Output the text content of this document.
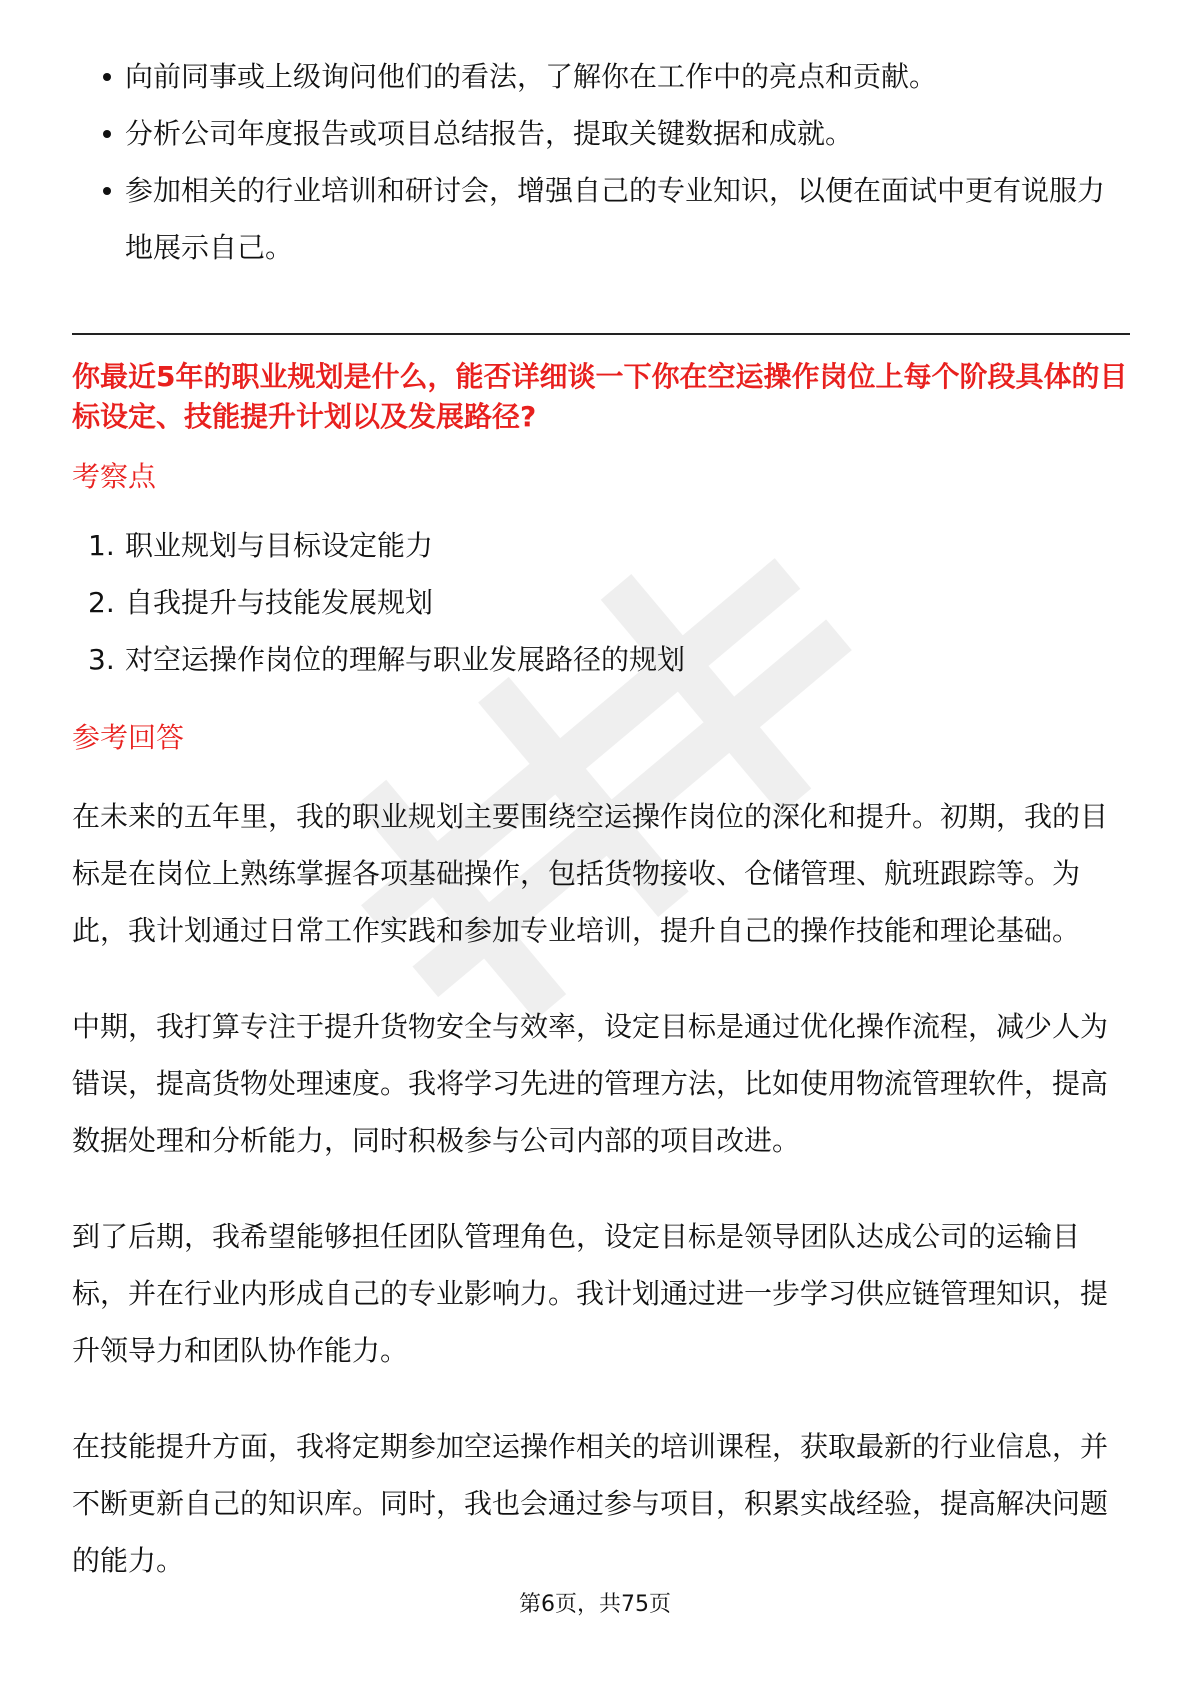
向前同事或上级询问他们的看法，了解你在工作中的亮点和贡献。
分析公司年度报告或项目总结报告，提取关键数据和成就。
参加相关的行业培训和研讨会，增强自己的专业知识，以便在面试中更有说服力地展示自己。
你最近5年的职业规划是什么，能否详细谈一下你在空运操作岗位上每个阶段具体的目标设定、技能提升计划以及发展路径?
考察点
1. 职业规划与目标设定能力
2. 自我提升与技能发展规划
3. 对空运操作岗位的理解与职业发展路径的规划
参考回答

在未来的五年里，我的职业规划主要围绕空运操作岗位的深化和提升。初期，我的目标是在岗位上熟练掌握各项基础操作，包括货物接收、仓储管理、航班跟踪等。为此，我计划通过日常工作实践和参加专业培训，提升自己的操作技能和理论基础。

中期，我打算专注于提升货物安全与效率，设定目标是通过优化操作流程，减少人为错误，提高货物处理速度。我将学习先进的管理方法，比如使用物流管理软件，提高数据处理和分析能力，同时积极参与公司内部的项目改进。

到了后期，我希望能够担任团队管理角色，设定目标是领导团队达成公司的运输目标，并在行业内形成自己的专业影响力。我计划通过进一步学习供应链管理知识，提升领导力和团队协作能力。

在技能提升方面，我将定期参加空运操作相关的培训课程，获取最新的行业信息，并不断更新自己的知识库。同时，我也会通过参与项目，积累实战经验，提高解决问题的能力。

第6页，共75页
